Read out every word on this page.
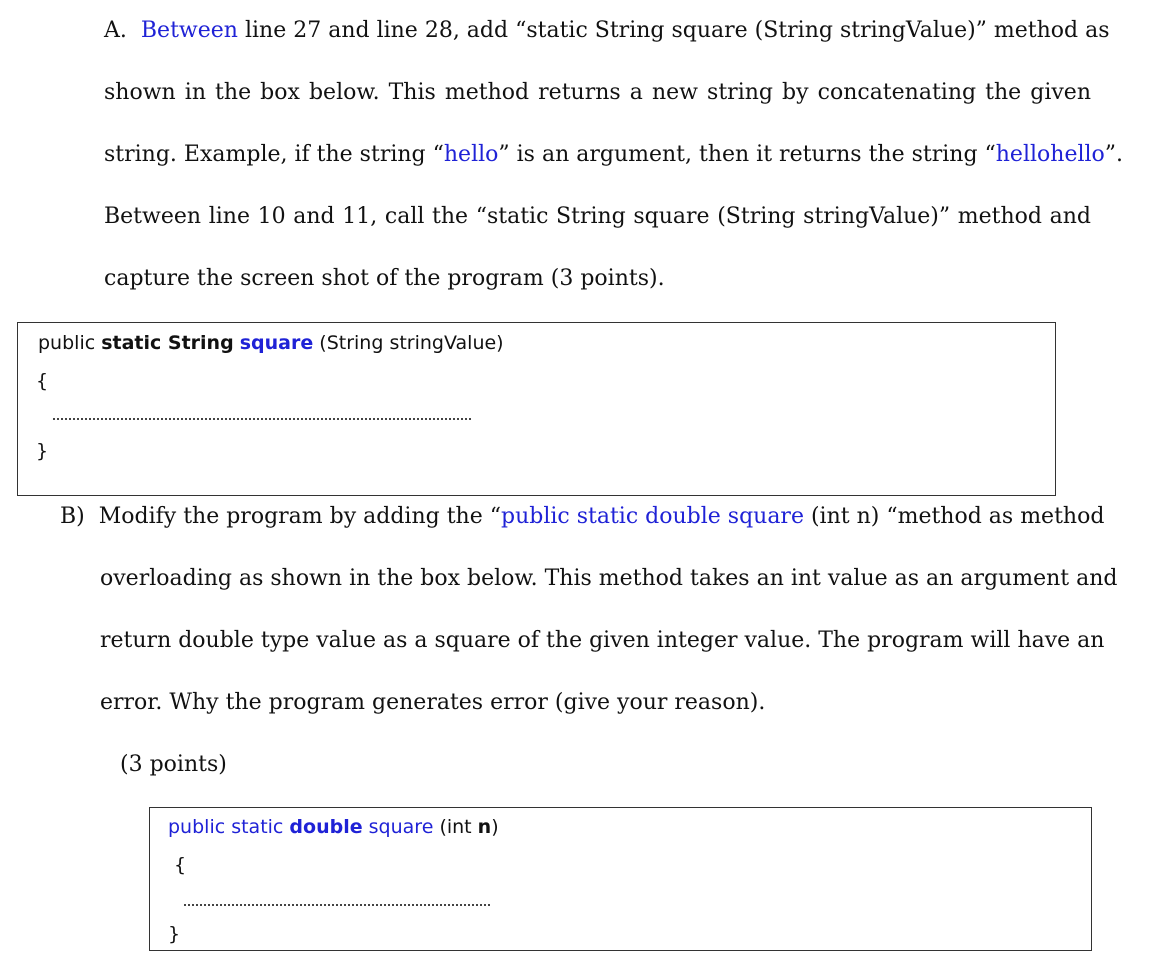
A. Between line 27 and line 28, add “static String square (String stringValue)” method as
shown in the box below. This method returns a new string by concatenating the given
string. Example, if the string “hello” is an argument, then it returns the string “hellohello”.
Between line 10 and 11, call the “static String square (String stringValue)” method and
capture the screen shot of the program (3 points).
public static String square (String stringValue)
{
}
B) Modify the program by adding the “public static double square (int n) “method as method
overloading as shown in the box below. This method takes an int value as an argument and
return double type value as a square of the given integer value. The program will have an
error. Why the program generates error (give your reason).
(3 points)
public static double square (int n)
{
}
